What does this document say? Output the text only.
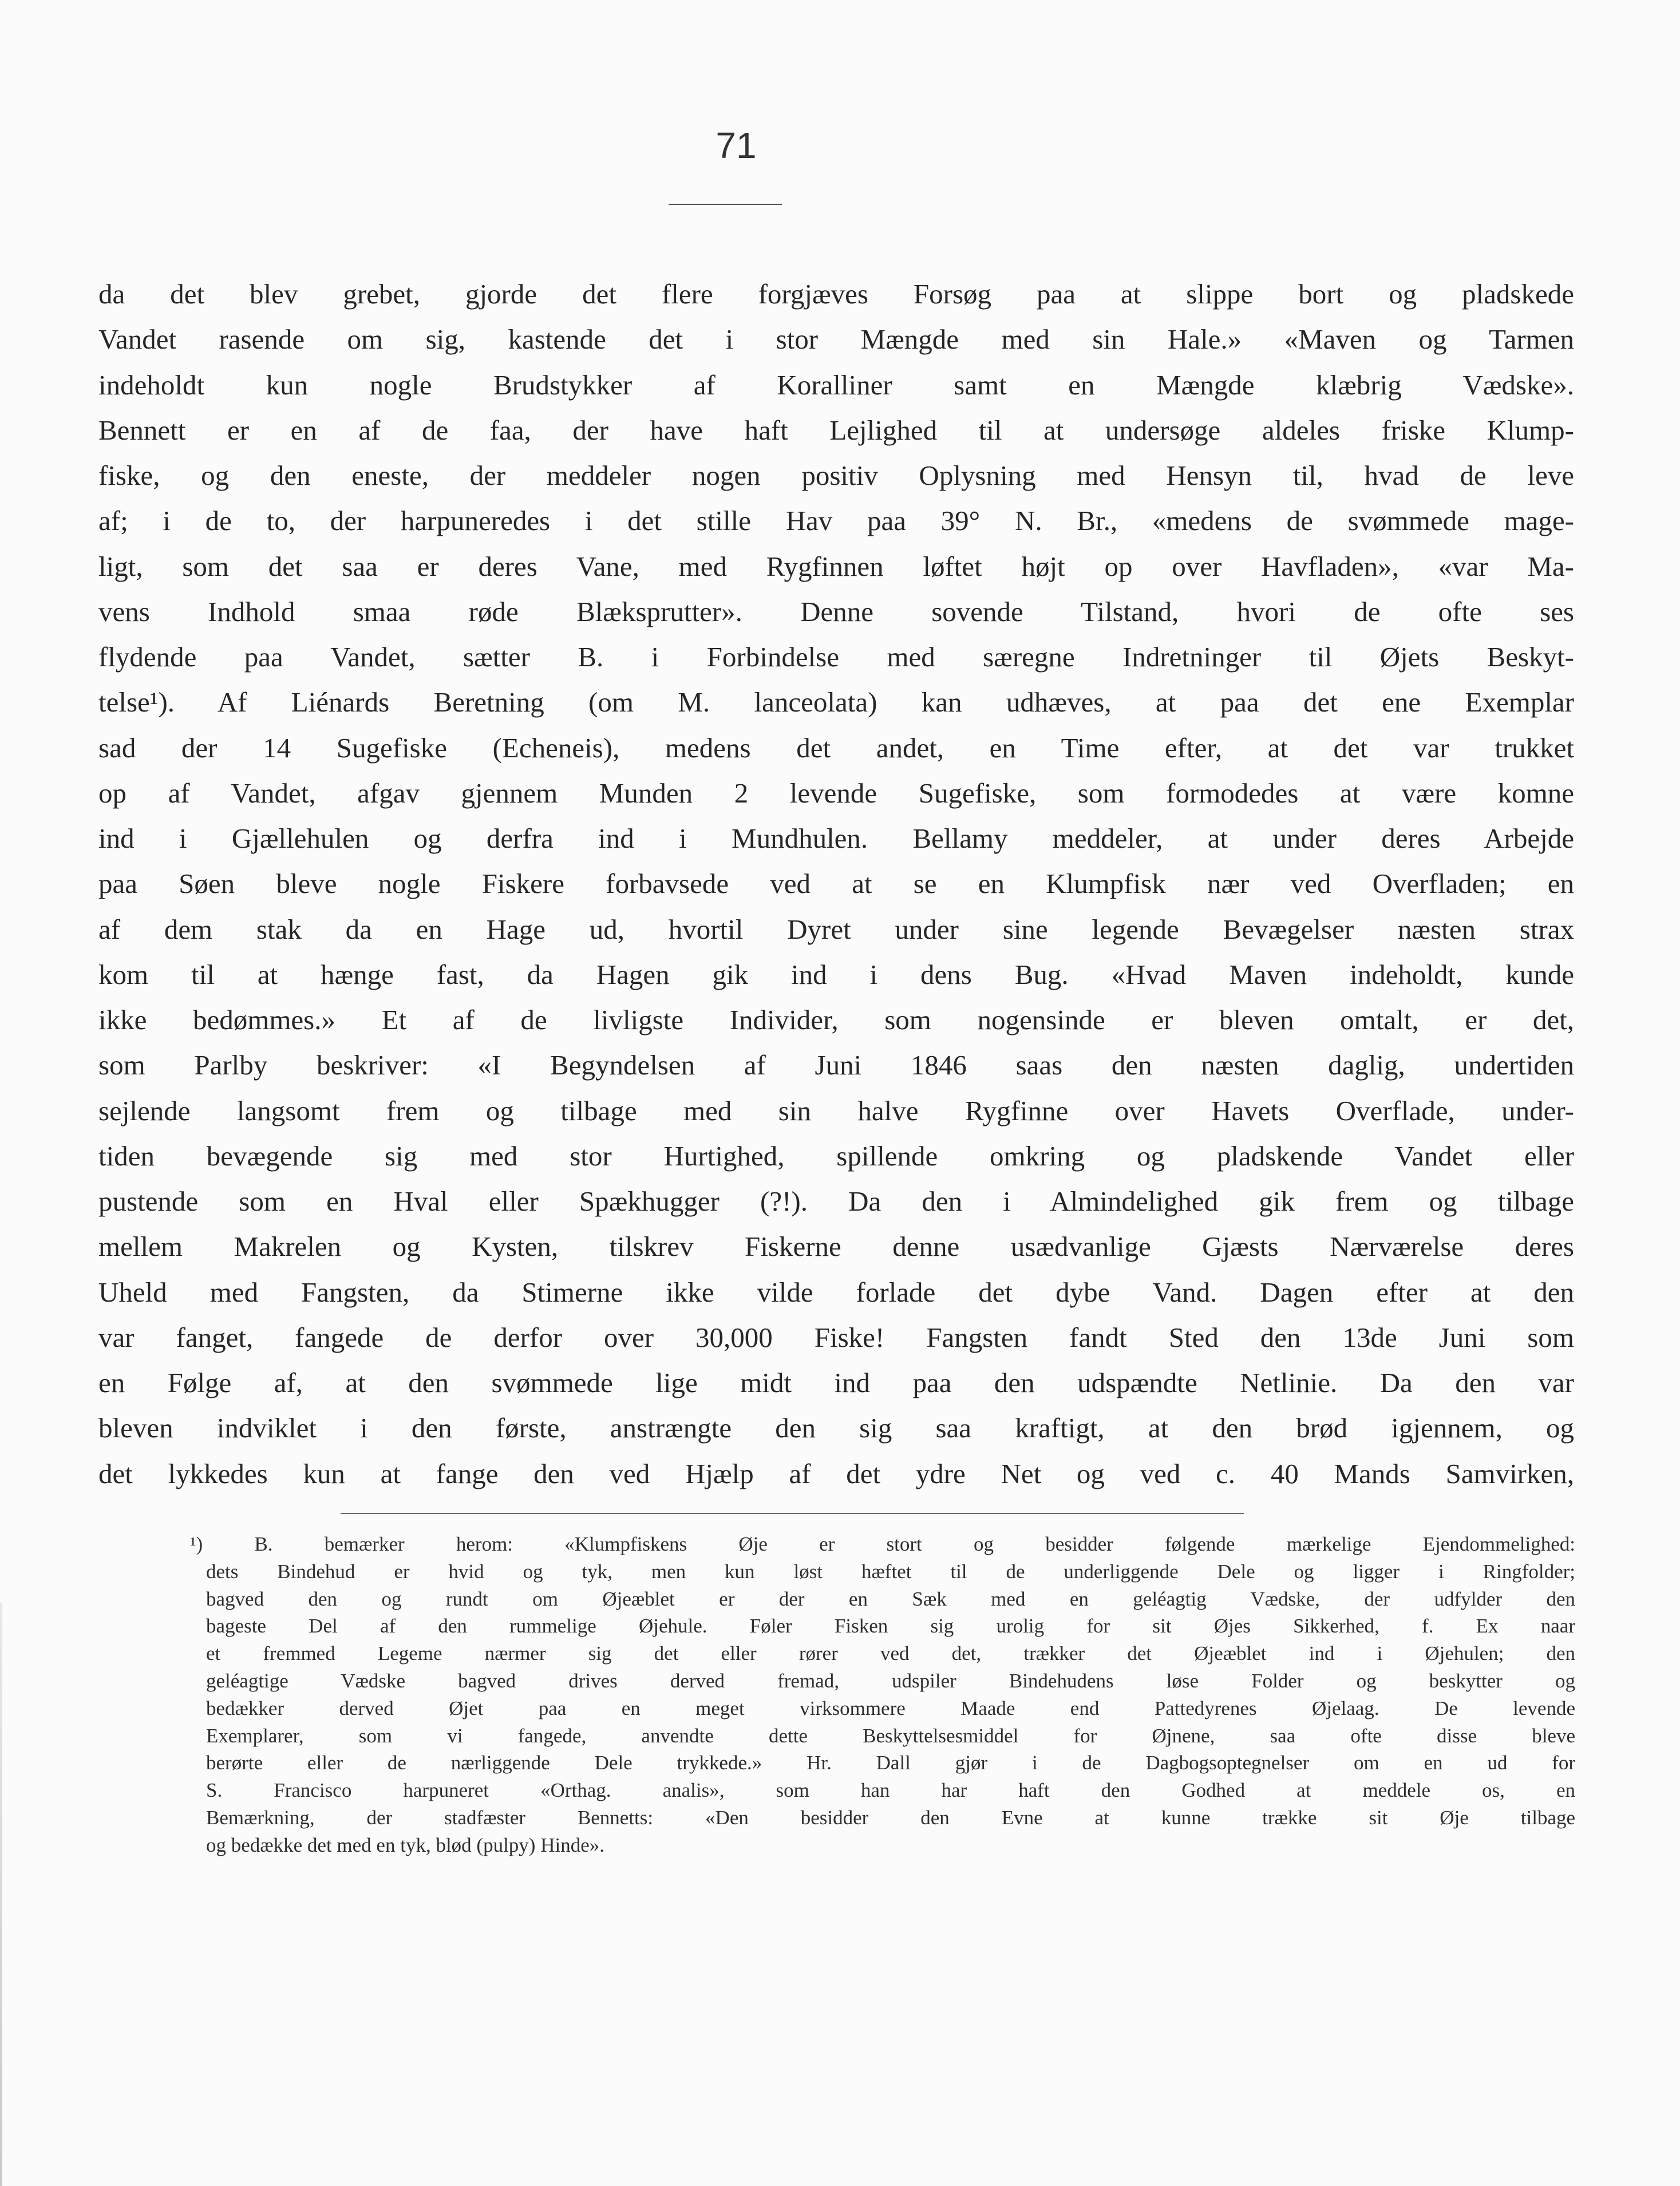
71
da det blev grebet, gjorde det flere forgjæves Forsøg paa at slippe bort og pladskede
Vandet rasende om sig, kastende det i stor Mængde med sin Hale.» «Maven og Tarmen
indeholdt kun nogle Brudstykker af Koralliner samt en Mængde klæbrig Vædske».
Bennett er en af de faa, der have haft Lejlighed til at undersøge aldeles friske Klump-
fiske, og den eneste, der meddeler nogen positiv Oplysning med Hensyn til, hvad de leve
af; i de to, der harpuneredes i det stille Hav paa 39° N. Br., «medens de svømmede mage-
ligt, som det saa er deres Vane, med Rygfinnen løftet højt op over Havfladen», «var Ma-
vens Indhold smaa røde Blæksprutter». Denne sovende Tilstand, hvori de ofte ses
flydende paa Vandet, sætter B. i Forbindelse med særegne Indretninger til Øjets Beskyt-
telse¹). Af Liénards Beretning (om M. lanceolata) kan udhæves, at paa det ene Exemplar
sad der 14 Sugefiske (Echeneis), medens det andet, en Time efter, at det var trukket
op af Vandet, afgav gjennem Munden 2 levende Sugefiske, som formodedes at være komne
ind i Gjællehulen og derfra ind i Mundhulen. Bellamy meddeler, at under deres Arbejde
paa Søen bleve nogle Fiskere forbavsede ved at se en Klumpfisk nær ved Overfladen; en
af dem stak da en Hage ud, hvortil Dyret under sine legende Bevægelser næsten strax
kom til at hænge fast, da Hagen gik ind i dens Bug. «Hvad Maven indeholdt, kunde
ikke bedømmes.» Et af de livligste Individer, som nogensinde er bleven omtalt, er det,
som Parlby beskriver: «I Begyndelsen af Juni 1846 saas den næsten daglig, undertiden
sejlende langsomt frem og tilbage med sin halve Rygfinne over Havets Overflade, under-
tiden bevægende sig med stor Hurtighed, spillende omkring og pladskende Vandet eller
pustende som en Hval eller Spækhugger (?!). Da den i Almindelighed gik frem og tilbage
mellem Makrelen og Kysten, tilskrev Fiskerne denne usædvanlige Gjæsts Nærværelse deres
Uheld med Fangsten, da Stimerne ikke vilde forlade det dybe Vand. Dagen efter at den
var fanget, fangede de derfor over 30,000 Fiske! Fangsten fandt Sted den 13de Juni som
en Følge af, at den svømmede lige midt ind paa den udspændte Netlinie. Da den var
bleven indviklet i den første, anstrængte den sig saa kraftigt, at den brød igjennem, og
det lykkedes kun at fange den ved Hjælp af det ydre Net og ved c. 40 Mands Samvirken,
¹) B. bemærker herom: «Klumpfiskens Øje er stort og besidder følgende mærkelige Ejendommelighed:
dets Bindehud er hvid og tyk, men kun løst hæftet til de underliggende Dele og ligger i Ringfolder;
bagved den og rundt om Øjeæblet er der en Sæk med en geléagtig Vædske, der udfylder den
bageste Del af den rummelige Øjehule. Føler Fisken sig urolig for sit Øjes Sikkerhed, f. Ex naar
et fremmed Legeme nærmer sig det eller rører ved det, trækker det Øjeæblet ind i Øjehulen; den
geléagtige Vædske bagved drives derved fremad, udspiler Bindehudens løse Folder og beskytter og
bedækker derved Øjet paa en meget virksommere Maade end Pattedyrenes Øjelaag. De levende
Exemplarer, som vi fangede, anvendte dette Beskyttelsesmiddel for Øjnene, saa ofte disse bleve
berørte eller de nærliggende Dele trykkede.» Hr. Dall gjør i de Dagbogsoptegnelser om en ud for
S. Francisco harpuneret «Orthag. analis», som han har haft den Godhed at meddele os, en
Bemærkning, der stadfæster Bennetts: «Den besidder den Evne at kunne trække sit Øje tilbage
og bedække det med en tyk, blød (pulpy) Hinde».
